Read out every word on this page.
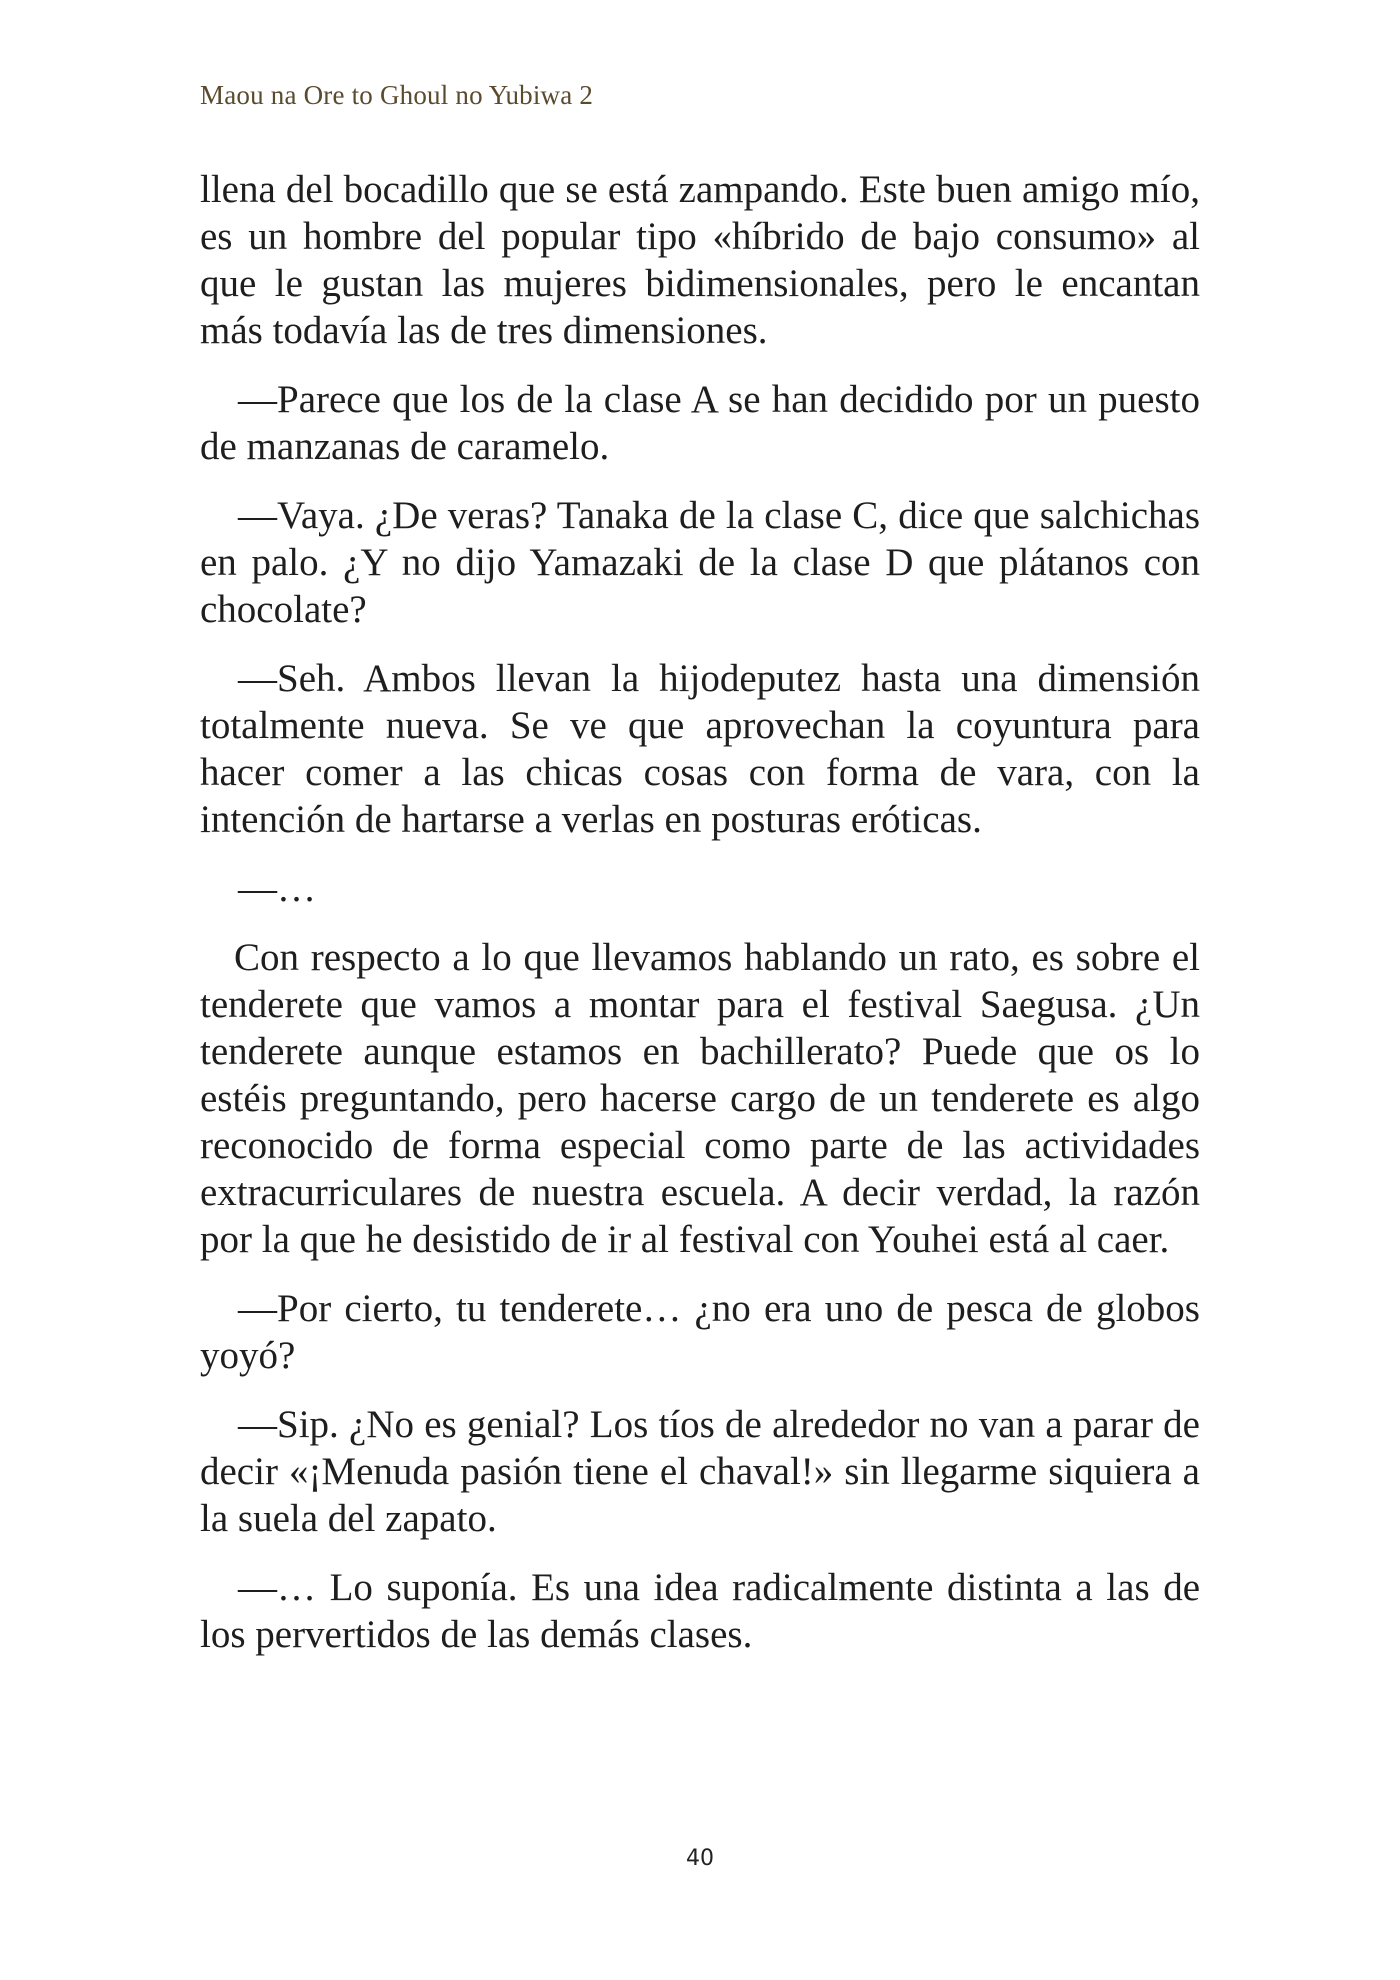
Maou na Ore to Ghoul no Yubiwa 2

llena del bocadillo que se está zampando. Este buen amigo mío, es un hombre del popular tipo «híbrido de bajo consumo» al que le gustan las mujeres bidimensionales, pero le encantan más todavía las de tres dimensiones.

—Parece que los de la clase A se han decidido por un puesto de manzanas de caramelo.

—Vaya. ¿De veras? Tanaka de la clase C, dice que salchichas en palo. ¿Y no dijo Yamazaki de la clase D que plátanos con chocolate?

—Seh. Ambos llevan la hijodeputez hasta una dimensión totalmente nueva. Se ve que aprovechan la coyuntura para hacer comer a las chicas cosas con forma de vara, con la intención de hartarse a verlas en posturas eróticas.

—…

Con respecto a lo que llevamos hablando un rato, es sobre el tenderete que vamos a montar para el festival Saegusa. ¿Un tenderete aunque estamos en bachillerato? Puede que os lo estéis preguntando, pero hacerse cargo de un tenderete es algo reconocido de forma especial como parte de las actividades extracurriculares de nuestra escuela. A decir verdad, la razón por la que he desistido de ir al festival con Youhei está al caer.

—Por cierto, tu tenderete… ¿no era uno de pesca de globos yoyó?

—Sip. ¿No es genial? Los tíos de alrededor no van a parar de decir «¡Menuda pasión tiene el chaval!» sin llegarme siquiera a la suela del zapato.

—… Lo suponía. Es una idea radicalmente distinta a las de los pervertidos de las demás clases.

40
